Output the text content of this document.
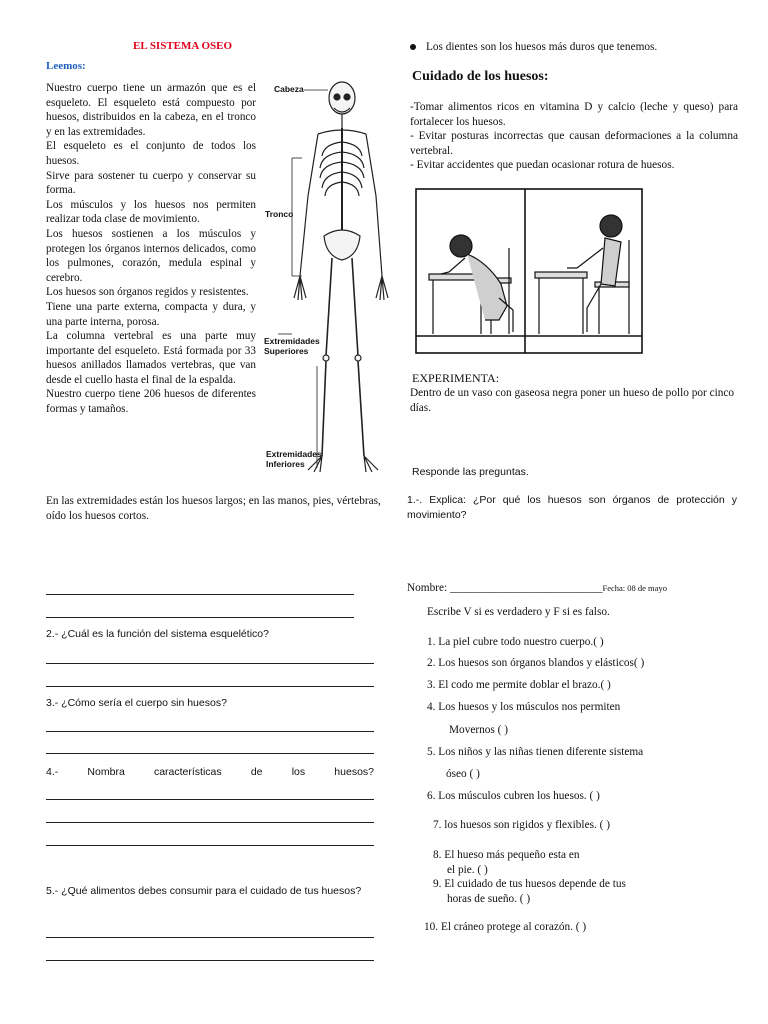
EL SISTEMA OSEO
Leemos:

Nuestro cuerpo tiene un armazón que es el esqueleto. El esqueleto está compuesto por huesos, distribuidos en la cabeza, en el tronco y en las extremidades.

El esqueleto es el conjunto de todos los huesos.

Sirve para sostener tu cuerpo y conservar su forma.

Los músculos y los huesos nos permiten realizar toda clase de movimiento.

Los huesos sostienen a los músculos y protegen los órganos internos delicados, como los pulmones, corazón, medula espinal y cerebro.

Los huesos son órganos regidos y resistentes.

Tiene una parte externa, compacta y dura, y una parte interna, porosa.

La columna vertebral es una parte muy importante del esqueleto. Está formada por 33 huesos anillados llamados vertebras, que van desde el cuello hasta el final de la espalda.

Nuestro cuerpo tiene 206 huesos de diferentes formas y tamaños.

Cabeza
Tronco
Extremidades Superiores
Extremidades Inferiores
En las extremidades están los huesos largos; en las manos, pies, vértebras, oído los huesos cortos.
2.- ¿Cuál es la función del sistema esquelético?
3.- ¿Cómo sería el cuerpo sin huesos?
4.- Nombra características de los huesos?
5.- ¿Qué alimentos debes consumir para el cuidado de tus huesos?
Los dientes son los huesos más duros que tenemos.
Cuidado de los huesos:
-Tomar alimentos ricos en vitamina D y calcio (leche y queso) para fortalecer los huesos.
- Evitar posturas incorrectas que causan deformaciones a la columna vertebral.
- Evitar accidentes que puedan ocasionar rotura de huesos.
EXPERIMENTA:
Dentro de un vaso con gaseosa negra poner un hueso de pollo por cinco días.
Responde las preguntas.
1.-. Explica: ¿Por qué los huesos son órganos de protección y movimiento?
Nombre: ___________________________Fecha: 08 de mayo
Escribe V si es verdadero y F si es falso.
1. La piel cubre todo nuestro cuerpo.( )
2. Los huesos son órganos blandos y elásticos( )
3. El codo me permite doblar el brazo.( )
4. Los huesos y los músculos nos permiten
Movernos ( )
5. Los niños y las niñas tienen diferente sistema
óseo ( )
6. Los músculos cubren los huesos. ( )
7. los huesos son rigidos y flexibles. ( )
8. El hueso más pequeño esta en
el pie. ( )
9. El cuidado de tus huesos depende de tus
horas de sueño. ( )
10. El cráneo protege al corazón. ( )
